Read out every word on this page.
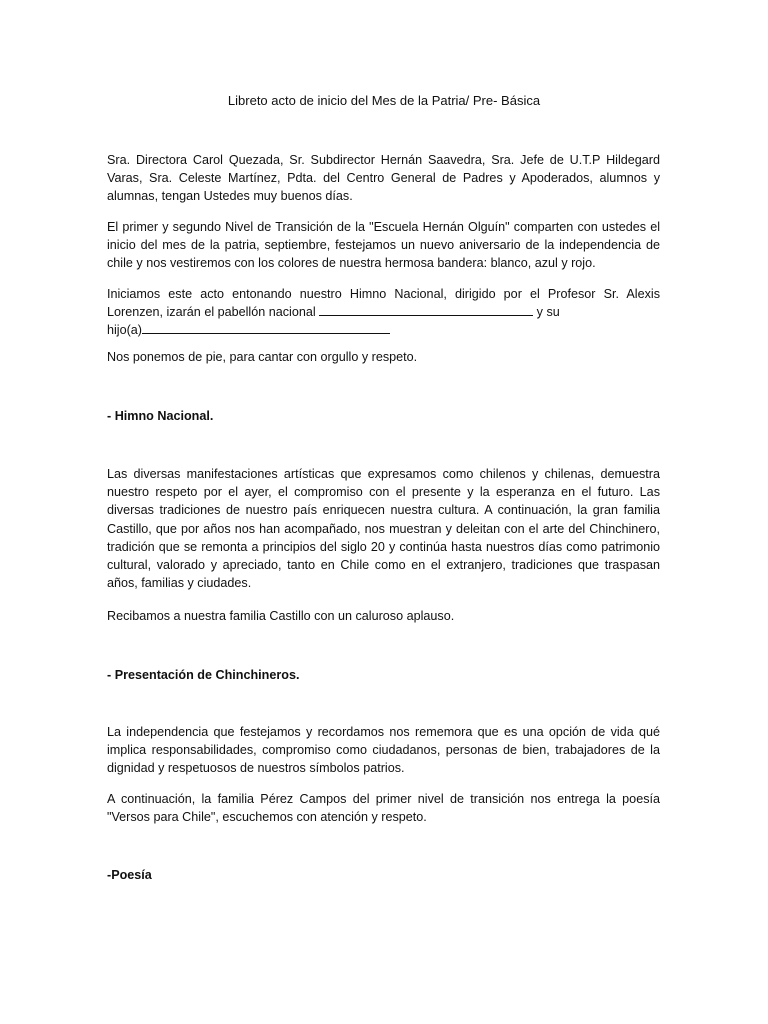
Libreto acto de inicio del Mes de la Patria/ Pre- Básica

Sra. Directora Carol Quezada, Sr. Subdirector Hernán Saavedra, Sra. Jefe de U.T.P Hildegard Varas, Sra. Celeste Martínez, Pdta. del Centro General de Padres y Apoderados, alumnos y alumnas, tengan Ustedes muy buenos días.

El primer y segundo Nivel de Transición de la "Escuela Hernán Olguín" comparten con ustedes el inicio del mes de la patria, septiembre, festejamos un nuevo aniversario de la independencia de chile y nos vestiremos con los colores de nuestra hermosa bandera: blanco, azul y rojo.

Iniciamos este acto entonando nuestro Himno Nacional, dirigido por el Profesor Sr. Alexis Lorenzen, izarán el pabellón nacional	y su
hijo(a)

Nos ponemos de pie, para cantar con orgullo y respeto.

- Himno Nacional.

Las diversas manifestaciones artísticas que expresamos como chilenos y chilenas, demuestra nuestro respeto por el ayer, el compromiso con el presente y la esperanza en el futuro. Las diversas tradiciones de nuestro país enriquecen nuestra cultura. A continuación, la gran familia Castillo, que por años nos han acompañado, nos muestran y deleitan con el arte del Chinchinero, tradición que se remonta a principios del siglo 20 y continúa hasta nuestros días como patrimonio cultural, valorado y apreciado, tanto en Chile como en el extranjero, tradiciones que traspasan años, familias y ciudades.

Recibamos a nuestra familia Castillo con un caluroso aplauso.

- Presentación de Chinchineros.

La independencia que festejamos y recordamos nos rememora que es una opción de vida qué implica responsabilidades, compromiso como ciudadanos, personas de bien, trabajadores de la dignidad y respetuosos de nuestros símbolos patrios.

A continuación, la familia Pérez Campos del primer nivel de transición nos entrega la poesía "Versos para Chile", escuchemos con atención y respeto.

-Poesía
